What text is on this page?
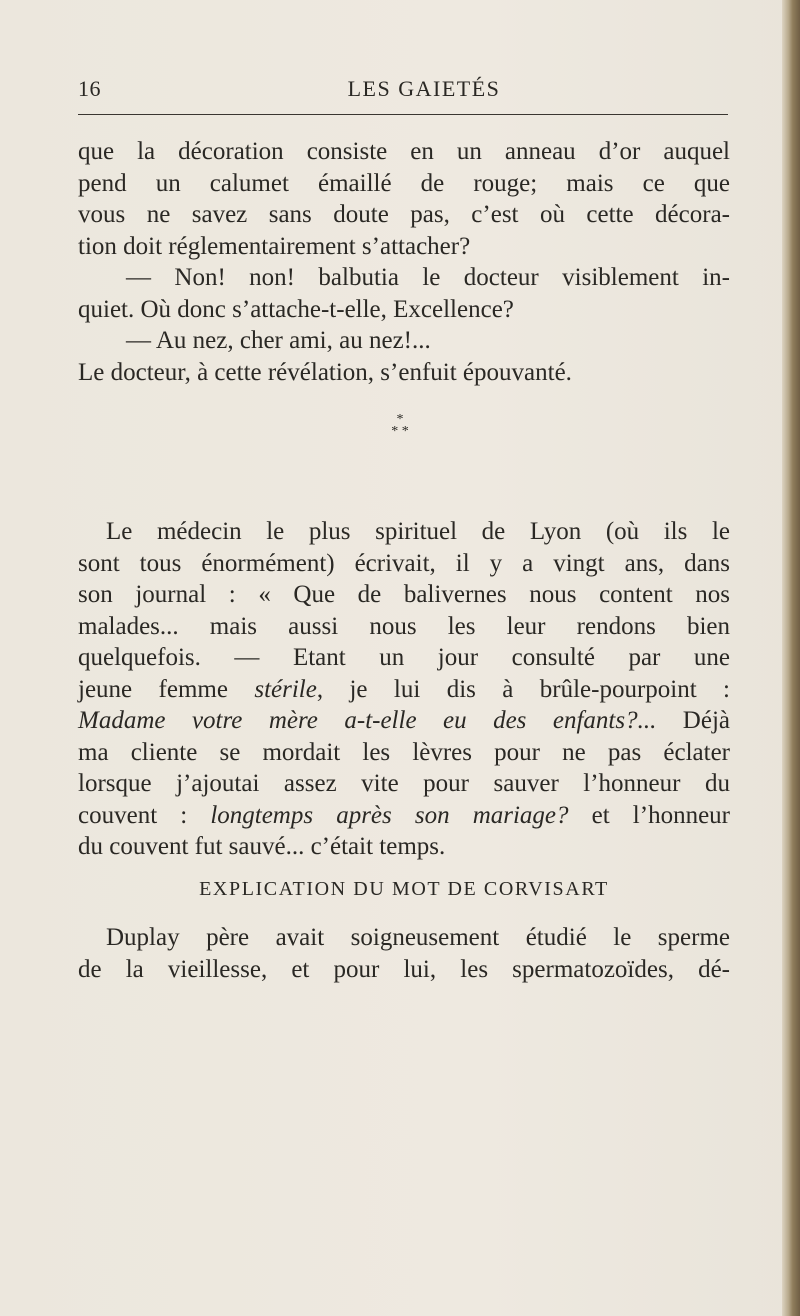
16	LES GAIETÉS
que la décoration consiste en un anneau d’or auquel
pend un calumet émaillé de rouge; mais ce que
vous ne savez sans doute pas, c’est où cette décora-
tion doit réglementairement s’attacher?
— Non! non! balbutia le docteur visiblement in-
quiet. Où donc s’attache-t-elle, Excellence?
— Au nez, cher ami, au nez!...
Le docteur, à cette révélation, s’enfuit épouvanté.
*
* *
Le médecin le plus spirituel de Lyon (où ils le
sont tous énormément) écrivait, il y a vingt ans, dans
son journal : « Que de balivernes nous content nos
malades... mais aussi nous les leur rendons bien
quelquefois. — Etant un jour consulté par une
jeune femme stérile, je lui dis à brûle-pourpoint :
Madame votre mère a-t-elle eu des enfants?... Déjà
ma cliente se mordait les lèvres pour ne pas éclater
lorsque j’ajoutai assez vite pour sauver l’honneur du
couvent : longtemps après son mariage? et l’honneur
du couvent fut sauvé... c’était temps.
EXPLICATION DU MOT DE CORVISART
Duplay père avait soigneusement étudié le sperme
de la vieillesse, et pour lui, les spermatozoïdes, dé-
